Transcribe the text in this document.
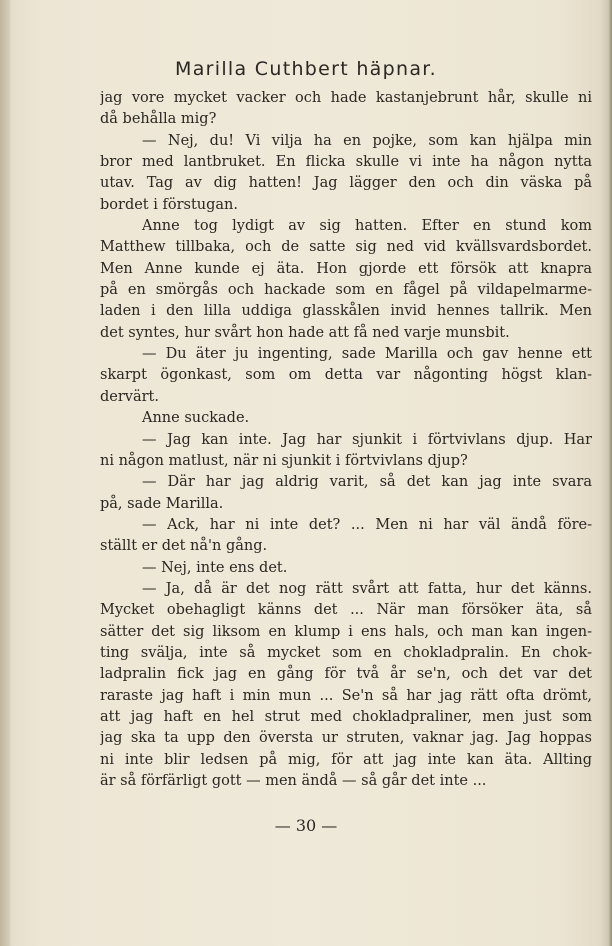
Marilla Cuthbert häpnar.
jag vore mycket vacker och hade kastanjebrunt hår, skulle ni
då behålla mig?
— Nej, du! Vi vilja ha en pojke, som kan hjälpa min
bror med lantbruket. En flicka skulle vi inte ha någon nytta
utav. Tag av dig hatten! Jag lägger den och din väska på
bordet i förstugan.
Anne tog lydigt av sig hatten. Efter en stund kom
Matthew tillbaka, och de satte sig ned vid kvällsvardsbordet.
Men Anne kunde ej äta. Hon gjorde ett försök att knapra
på en smörgås och hackade som en fågel på vildapelmarme-
laden i den lilla uddiga glasskålen invid hennes tallrik. Men
det syntes, hur svårt hon hade att få ned varje munsbit.
— Du äter ju ingenting, sade Marilla och gav henne ett
skarpt ögonkast, som om detta var någonting högst klan-
dervärt.
Anne suckade.
— Jag kan inte. Jag har sjunkit i förtvivlans djup. Har
ni någon matlust, när ni sjunkit i förtvivlans djup?
— Där har jag aldrig varit, så det kan jag inte svara
på, sade Marilla.
— Ack, har ni inte det? ... Men ni har väl ändå före-
ställt er det nå'n gång.
— Nej, inte ens det.
— Ja, då är det nog rätt svårt att fatta, hur det känns.
Mycket obehagligt känns det ... När man försöker äta, så
sätter det sig liksom en klump i ens hals, och man kan ingen-
ting svälja, inte så mycket som en chokladpralin. En chok-
ladpralin fick jag en gång för två år se'n, och det var det
raraste jag haft i min mun ... Se'n så har jag rätt ofta drömt,
att jag haft en hel strut med chokladpraliner, men just som
jag ska ta upp den översta ur struten, vaknar jag. Jag hoppas
ni inte blir ledsen på mig, för att jag inte kan äta. Allting
är så förfärligt gott — men ändå — så går det inte ...
— 30 —
